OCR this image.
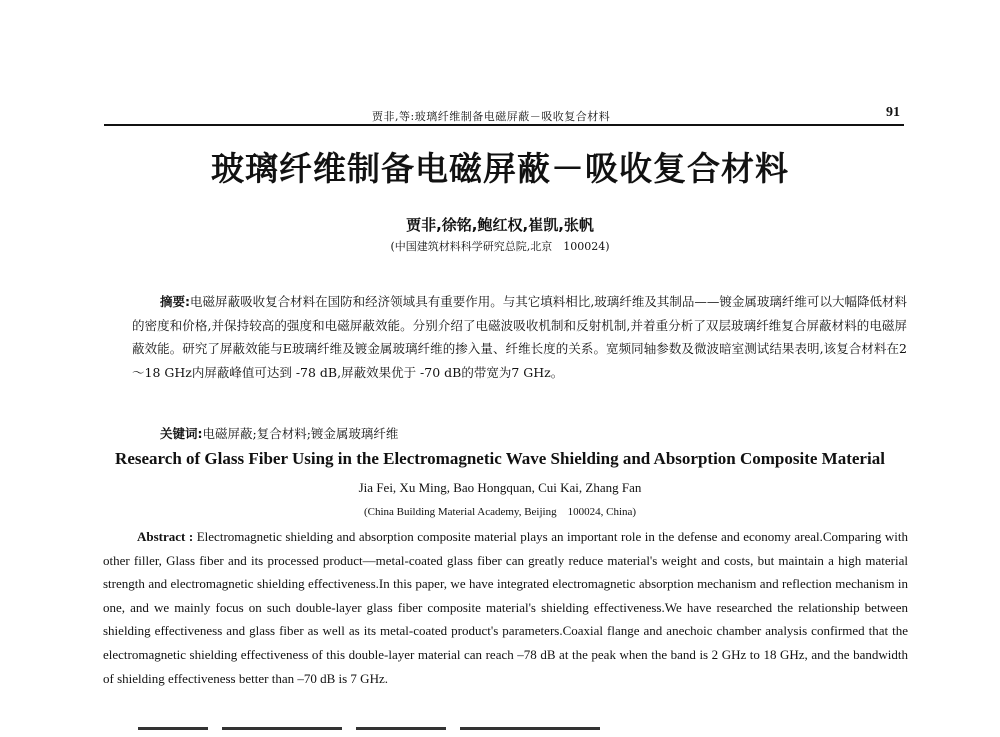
贾非,等:玻璃纤维制备电磁屏蔽－吸收复合材料	91
玻璃纤维制备电磁屏蔽－吸收复合材料
贾非,徐铭,鲍红权,崔凯,张帆
(中国建筑材料科学研究总院,北京　100024)
摘要:电磁屏蔽吸收复合材料在国防和经济领域具有重要作用。与其它填料相比,玻璃纤维及其制品——镀金属玻璃纤维可以大幅降低材料的密度和价格,并保持较高的强度和电磁屏蔽效能。分别介绍了电磁波吸收机制和反射机制,并着重分析了双层玻璃纤维复合屏蔽材料的电磁屏蔽效能。研究了屏蔽效能与E玻璃纤维及镀金属玻璃纤维的掺入量、纤维长度的关系。宽频同轴参数及微波暗室测试结果表明,该复合材料在2～18 GHz内屏蔽峰值可达到 -78 dB,屏蔽效果优于 -70 dB的带宽为7 GHz。
关键词:电磁屏蔽;复合材料;镀金属玻璃纤维
Research of Glass Fiber Using in the Electromagnetic Wave Shielding and Absorption Composite Material
Jia Fei, Xu Ming, Bao Hongquan, Cui Kai, Zhang Fan
(China Building Material Academy, Beijing　100024, China)
Abstract : Electromagnetic shielding and absorption composite material plays an important role in the defense and economy areal.Comparing with other filler, Glass fiber and its processed product—metal-coated glass fiber can greatly reduce material's weight and costs, but maintain a high material strength and electromagnetic shielding effectiveness.In this paper, we have integrated electromagnetic absorption mechanism and reflection mechanism in one, and we mainly focus on such double-layer glass fiber composite material's shielding effectiveness.We have researched the relationship between shielding effectiveness and glass fiber as well as its metal-coated product's parameters.Coaxial flange and anechoic chamber analysis confirmed that the electromagnetic shielding effectiveness of this double-layer material can reach –78 dB at the peak when the band is 2 GHz to 18 GHz, and the bandwidth of shielding effectiveness better than –70 dB is 7 GHz.
